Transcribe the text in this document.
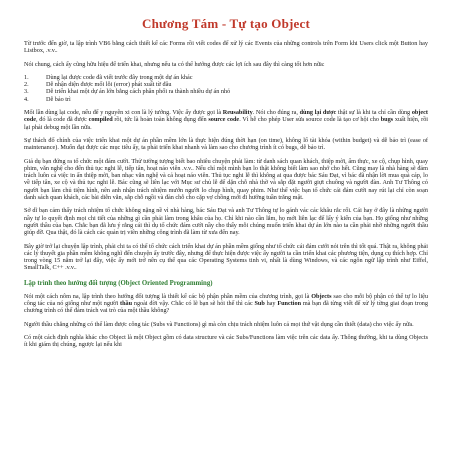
Chương Tám - Tự tạo Object

Từ trước đến giờ, ta lập trình VB6 bằng cách thiết kế các Forms rồi viết codes để xử lý các Events của những controls trên Form khi Users click một Button hay Listbox, .v.v..

Nói chung, cách ấy cũng hữu hiệu để triển khai, nhưng nếu ta có thể hướng được các lợi ích sau đây thì càng tốt hơn nữa:

1.	Dùng lại được code đã viết trước đây trong một dự án khác
2.	Dễ nhận diện được mối lỗi (error) phát xuất từ đâu
3.	Dễ triển khai một dự án lớn bằng cách phân phối ra thành nhiều dự án nhỏ
4.	Dễ bảo trì

Mối lần dùng lại code, nếu để y nguyên xi con là lý tưởng. Việc ấy được gọi là Reusability. Nói cho đúng ra, dùng lại được thật sự là khi ta chỉ cần dùng object code, đó là code đã được compiled rồi, tức là hoàn toàn không đụng đến source code. Vì hễ cho phép User sửa source code là tạo cơ hội cho bugs xuất hiện, rồi lại phải debug một lần nữa.

Sự thách đố chính của việc triển khai một dự án phần mềm lớn là thực hiện đúng thời hạn (on time), không lố tài khóa (within budget) và dễ bảo trì (ease of maintenance). Muốn đạt được các mục tiêu ấy, ta phải triển khai nhanh và làm sao cho chương trình ít có bugs, dễ bảo trì.

Giả dụ bạn đứng ra tổ chức một đám cưới. Thử tưởng tượng biết bao nhiêu chuyện phải làm: từ danh sách quan khách, thiệp mời, ẩm thực, xe cộ, chụp hình, quay phim, văn nghệ cho đến thủ tục nghi lễ, tiếp tân, hoạt náo viên .v.v.. Nếu chỉ một mình bạn lo thật không biết làm sao nhớ cho hết. Cũng may là nhà hàng sẽ đảm trách luôn cả việc in ấn thiệp mời, ban nhạc văn nghệ và cả hoạt náo viên. Thủ tục nghi lễ thì không ai qua được bác Sáu Đạt, vì bác đã nhận lời mua quà cáp, lo về tiếp tân, xe cộ và thủ tục nghi lễ. Bác cũng sẽ liên lạc với Mục sư chủ lễ để dặn chỗ nhà thờ và sắp đặt người giựt chuông và người đàn. Anh Tư Thông có người bạn làm chủ tiệm hình, nên anh nhận trách nhiệm mướn người lo chụp hình, quay phim. Như thế việc bạn tổ chức cái đám cưới nay rút lại chỉ còn soạn danh sách quan khách, các bài diễn văn, sắp chỗ ngồi và đàn chỗ cho cặp vợ chồng mới đi hưởng tuần trăng mật.

Sở dĩ bạn cảm thấy trách nhiệm tổ chức không nặng nề vì nhà hàng, bác Sáu Đạt và anh Tư Thông tự lo gánh vác các khâu rắc rối. Cái hay ở đây là những người nầy tự lo quyết định mọi chi tiết của những gì cần phải làm trong khâu của họ. Chỉ khi nào cần lắm, họ mới liên lạc để lấy ý kiến của bạn. Họ giống như những người thầu của bạn. Chắc bạn đã lưu ý rằng cái thì dụ tổ chức đám cưới nầy cho thấy mỗi chúng muốn triển khai dự án lớn nào ta cần phải nhờ những người thầu giúp đỡ. Qua thật, đó là cách các quản trị viên những công trình đã làm từ xưa đến nay.

Bây giờ trở lại chuyện lập trình, phải chi ta có thể tổ chức cách triển khai dự án phần mềm giống như tổ chức cái đám cưới nói trên thì tốt quá. Thật ra, không phải các lý thuyết gia phần mềm không nghĩ đến chuyện ấy trước đây, nhưng để thực hiện được việc ấy người ta cần triển khai các phương tiện, dụng cụ thích hợp. Chỉ trong vòng 15 năm trở lại đây, việc ấy mới trở nên cụ thể qua các Operating Systems tinh vi, nhất là dùng Windows, và các ngôn ngữ lập trình như Eiffel, SmallTalk, C++ .v.v..

Lập trình theo hướng đối tượng (Object Oriented Programming)

Nói một cách nôm na, lập trình theo hướng đối tượng là thiết kế các bộ phận phần mềm của chương trình, gọi là Objects sao cho mỗi bộ phận có thể tự lo liệu công tác của nó giống như một người thầu ngoài đời vậy. Chắc có lẽ bạn sẽ hỏi thế thì các Sub hay Function mà bạn đã từng viết để xử lý từng giai đoạn trong chương trình có thể đảm trách vai trò của một thầu không?

Người thầu chăng những có thể làm được công tác (Subs và Functions) gì mà còn chịu trách nhiệm luôn cả mọi thứ vật dụng cần thiết (data) cho việc ấy nữa.

Có một cách định nghĩa khác cho Object là một Object gồm có data structure và các Subs/Functions làm việc trên các data ấy. Thông thường, khi ta dùng Objects ít khi giám thị chúng, ngược lại nếu khi
